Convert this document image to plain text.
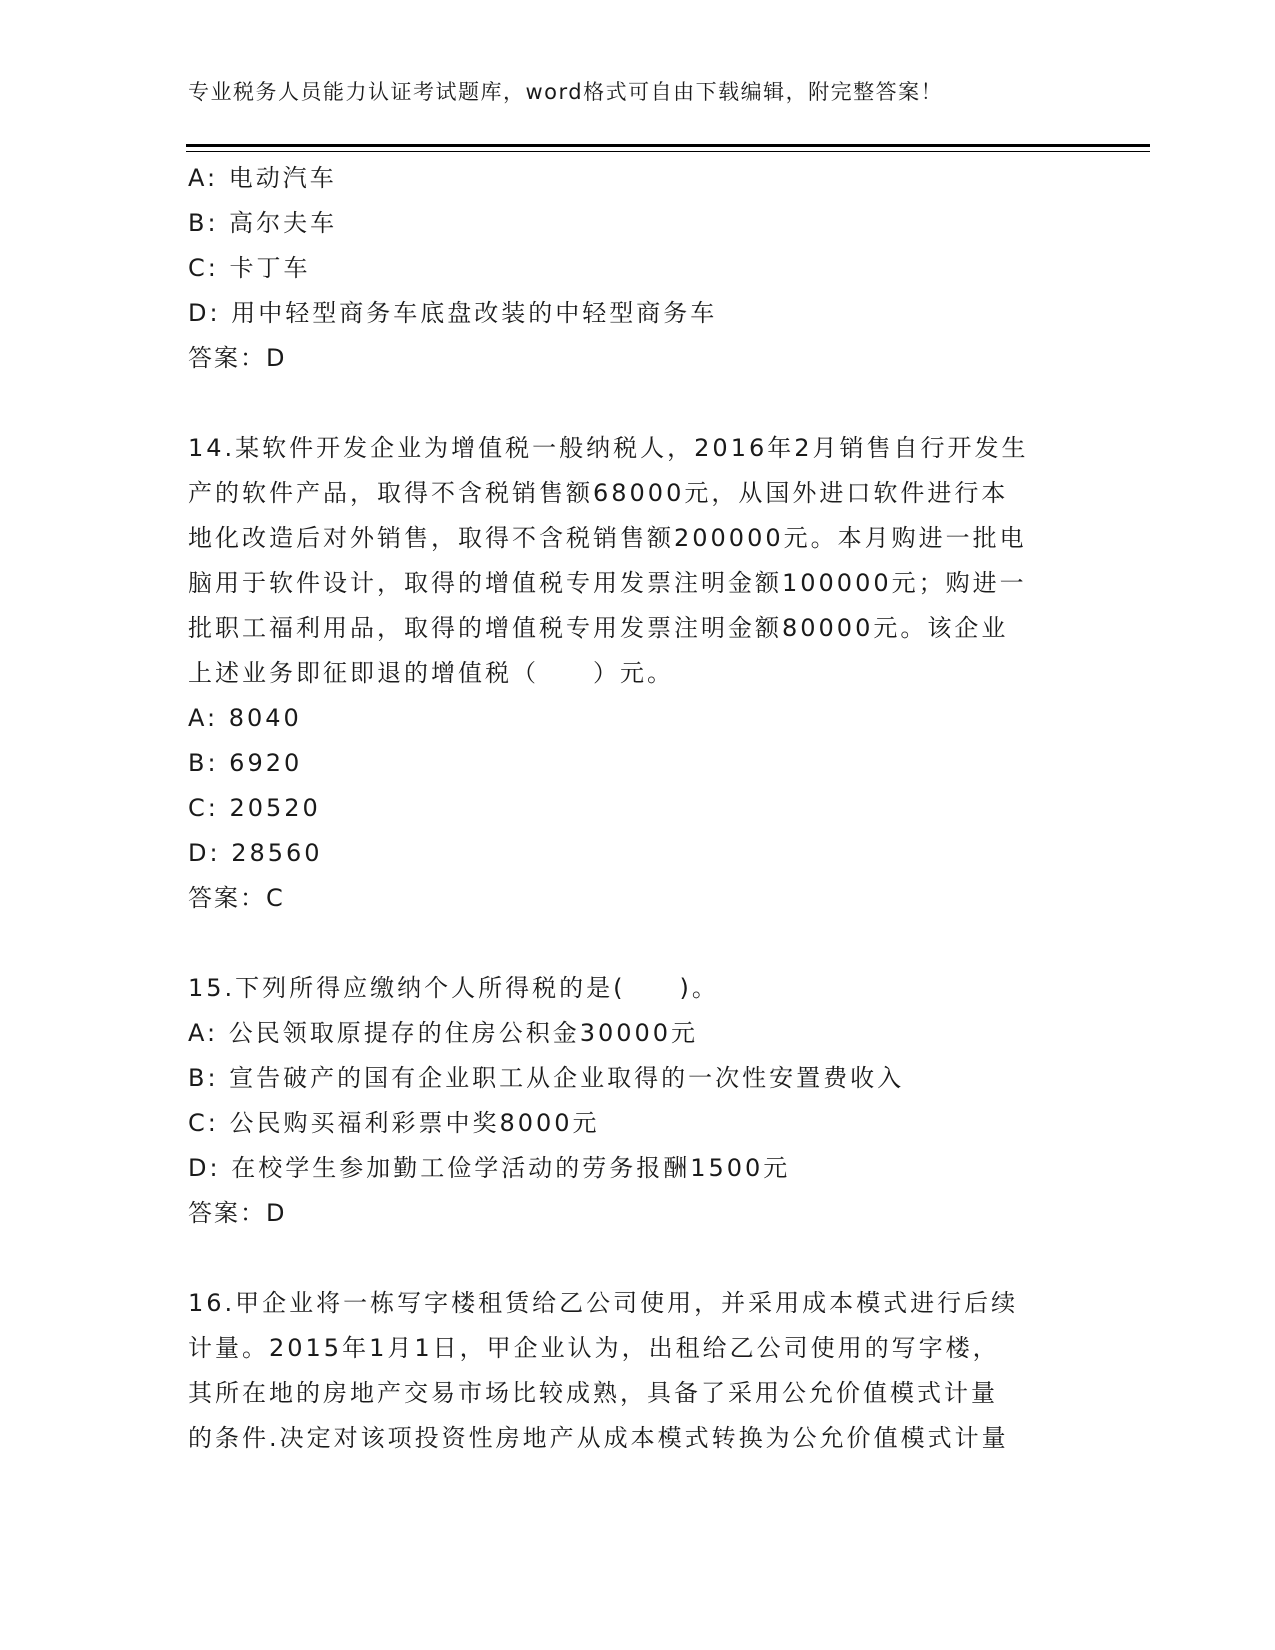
专业税务人员能力认证考试题库，word格式可自由下载编辑，附完整答案！
A: 电动汽车
B: 高尔夫车
C: 卡丁车
D: 用中轻型商务车底盘改装的中轻型商务车
答案：D
14.某软件开发企业为增值税一般纳税人，2016年2月销售自行开发生
产的软件产品，取得不含税销售额68000元，从国外进口软件进行本
地化改造后对外销售，取得不含税销售额200000元。本月购进一批电
脑用于软件设计，取得的增值税专用发票注明金额100000元；购进一
批职工福利用品，取得的增值税专用发票注明金额80000元。该企业
上述业务即征即退的增值税（　　）元。
A: 8040
B: 6920
C: 20520
D: 28560
答案：C
15.下列所得应缴纳个人所得税的是(　　)。
A: 公民领取原提存的住房公积金30000元
B: 宣告破产的国有企业职工从企业取得的一次性安置费收入
C: 公民购买福利彩票中奖8000元
D: 在校学生参加勤工俭学活动的劳务报酬1500元
答案：D
16.甲企业将一栋写字楼租赁给乙公司使用，并采用成本模式进行后续
计量。2015年1月1日，甲企业认为，出租给乙公司使用的写字楼，
其所在地的房地产交易市场比较成熟，具备了采用公允价值模式计量
的条件.决定对该项投资性房地产从成本模式转换为公允价值模式计量
